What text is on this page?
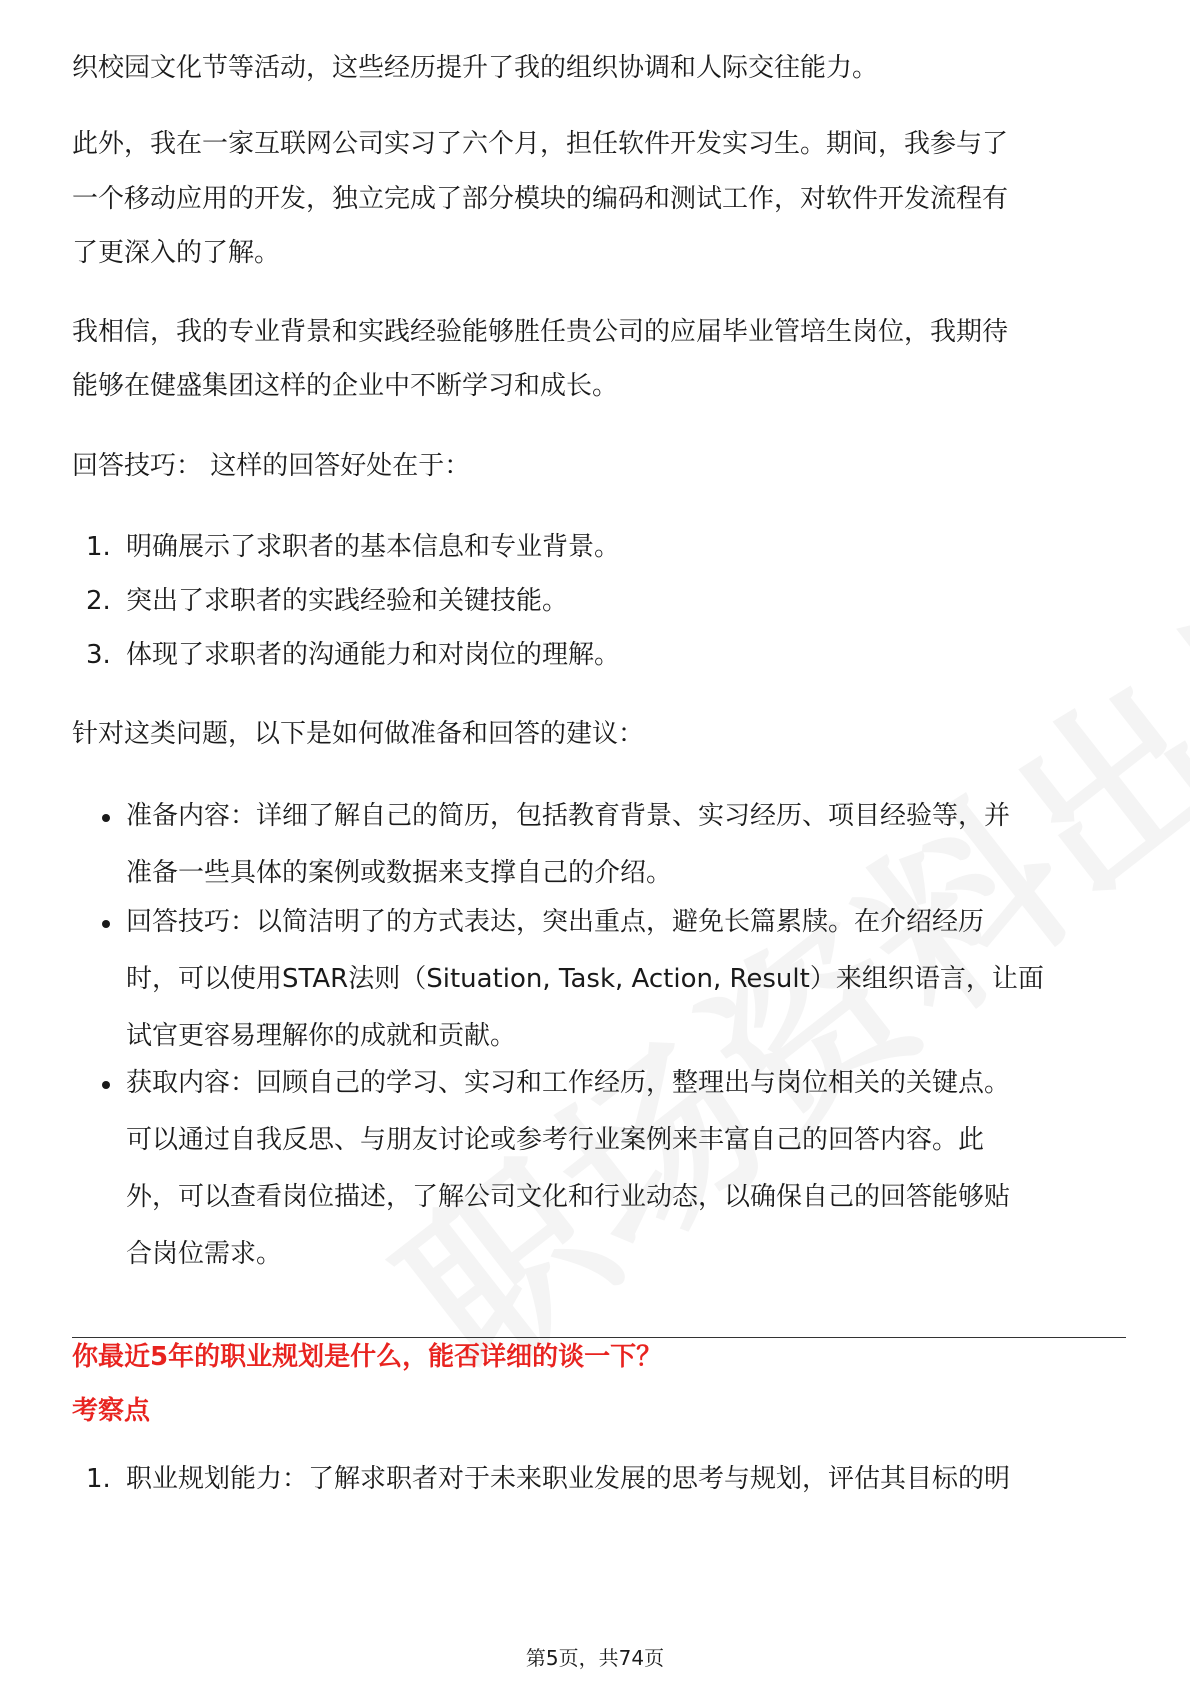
织校园文化节等活动，这些经历提升了我的组织协调和人际交往能力。

此外，我在一家互联网公司实习了六个月，担任软件开发实习生。期间，我参与了

一个移动应用的开发，独立完成了部分模块的编码和测试工作，对软件开发流程有

了更深入的了解。

我相信，我的专业背景和实践经验能够胜任贵公司的应届毕业管培生岗位，我期待

能够在健盛集团这样的企业中不断学习和成长。

回答技巧： 这样的回答好处在于：

1. 明确展示了求职者的基本信息和专业背景。
2. 突出了求职者的实践经验和关键技能。
3. 体现了求职者的沟通能力和对岗位的理解。

针对这类问题，以下是如何做准备和回答的建议：

准备内容：详细了解自己的简历，包括教育背景、实习经历、项目经验等，并
准备一些具体的案例或数据来支撑自己的介绍。
回答技巧：以简洁明了的方式表达，突出重点，避免长篇累牍。在介绍经历
时，可以使用STAR法则（Situation, Task, Action, Result）来组织语言，让面
试官更容易理解你的成就和贡献。
获取内容：回顾自己的学习、实习和工作经历，整理出与岗位相关的关键点。
可以通过自我反思、与朋友讨论或参考行业案例来丰富自己的回答内容。此
外，可以查看岗位描述，了解公司文化和行业动态，以确保自己的回答能够贴
合岗位需求。
你最近5年的职业规划是什么，能否详细的谈一下？
考察点
1. 职业规划能力：了解求职者对于未来职业发展的思考与规划，评估其目标的明
第5页，共74页
